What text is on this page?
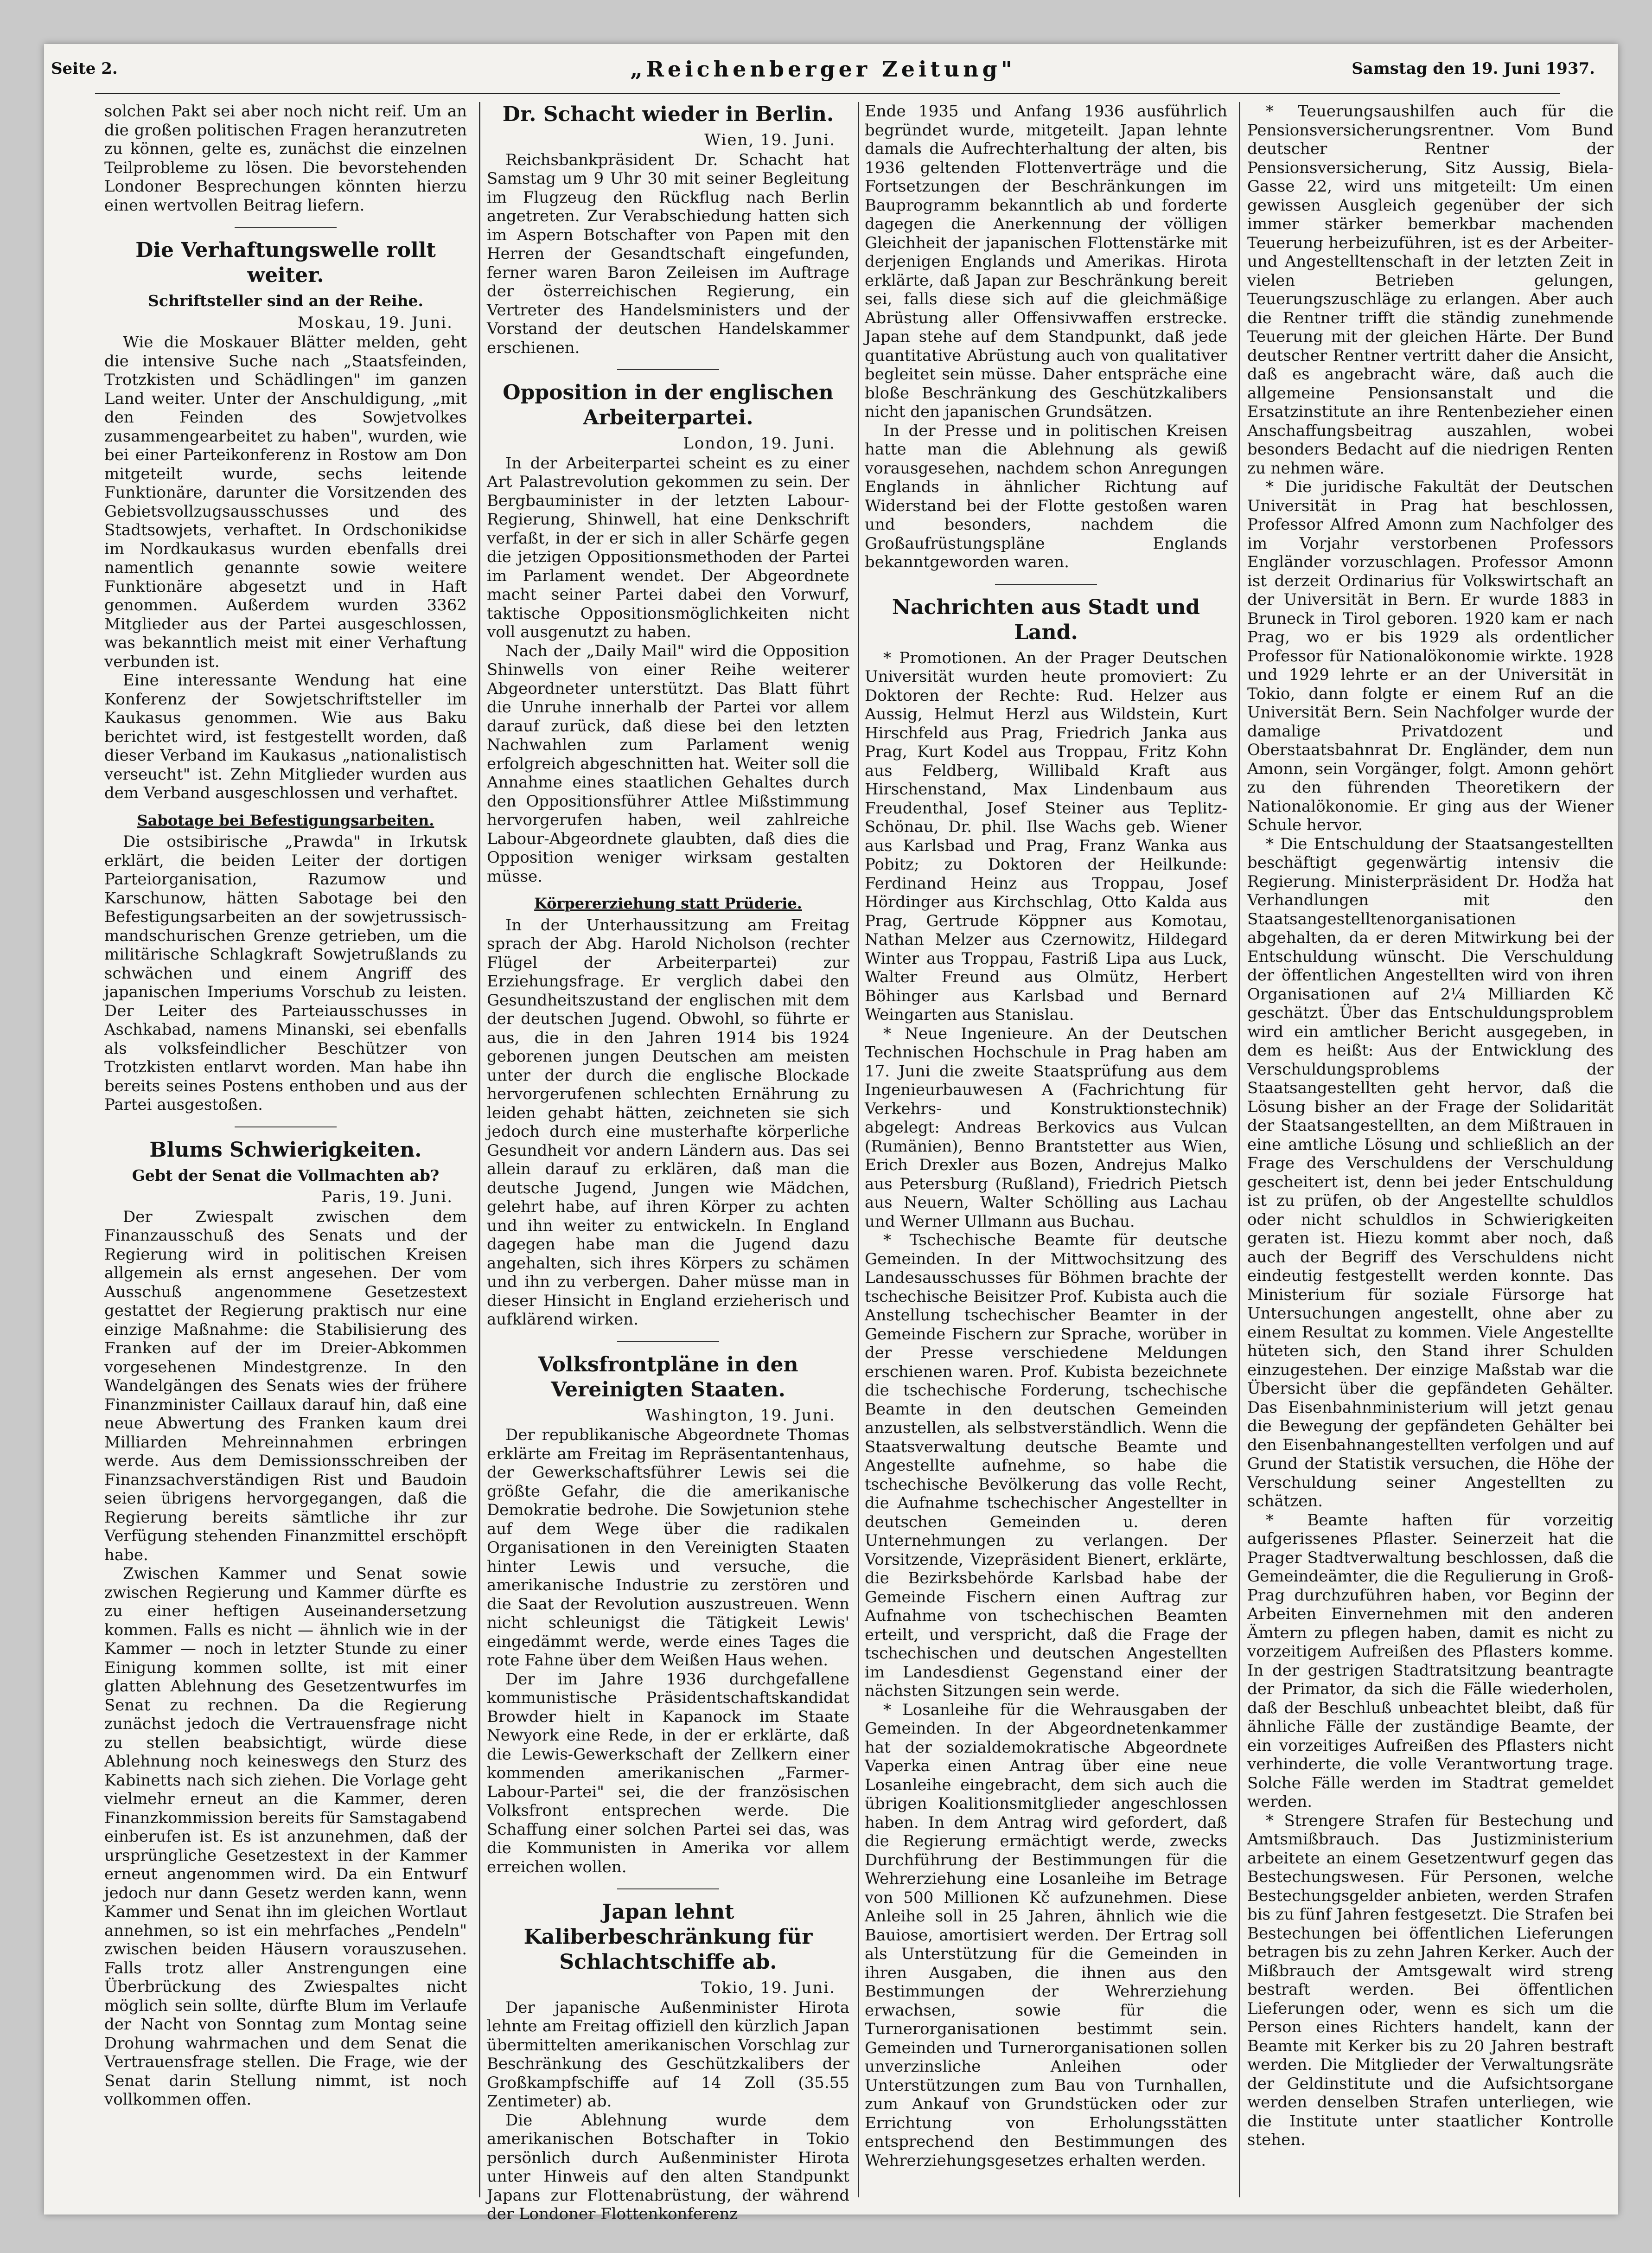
Seite 2.	„Reichenberger Zeitung"	Samstag den 19. Juni 1937.

solchen Pakt sei aber noch nicht reif. Um an die großen politischen Fragen heranzutreten zu können, gelte es, zunächst die einzelnen Teilprobleme zu lösen. Die bevorstehenden Londoner Besprechungen könnten hierzu einen wertvollen Beitrag liefern.

Die Verhaftungswelle rollt weiter.
Schriftsteller sind an der Reihe.
Moskau, 19. Juni.

Wie die Moskauer Blätter melden, geht die intensive Suche nach „Staatsfeinden, Trotzkisten und Schädlingen" im ganzen Land weiter. Unter der Anschuldigung, „mit den Feinden des Sowjetvolkes zusammengearbeitet zu haben", wurden, wie bei einer Parteikonferenz in Rostow am Don mitgeteilt wurde, sechs leitende Funktionäre, darunter die Vorsitzenden des Gebietsvollzugsausschusses und des Stadtsowjets, verhaftet. In Ordschonikidse im Nordkaukasus wurden ebenfalls drei namentlich genannte sowie weitere Funktionäre abgesetzt und in Haft genommen. Außerdem wurden 3362 Mitglieder aus der Partei ausgeschlossen, was bekanntlich meist mit einer Verhaftung verbunden ist.

Eine interessante Wendung hat eine Konferenz der Sowjetschriftsteller im Kaukasus genommen. Wie aus Baku berichtet wird, ist festgestellt worden, daß dieser Verband im Kaukasus „nationalistisch verseucht" ist. Zehn Mitglieder wurden aus dem Verband ausgeschlossen und verhaftet.

Sabotage bei Befestigungsarbeiten.

Die ostsibirische „Prawda" in Irkutsk erklärt, die beiden Leiter der dortigen Parteiorganisation, Razumow und Karschunow, hätten Sabotage bei den Befestigungsarbeiten an der sowjetrussisch-mandschurischen Grenze getrieben, um die militärische Schlagkraft Sowjetrußlands zu schwächen und einem Angriff des japanischen Imperiums Vorschub zu leisten. Der Leiter des Parteiausschusses in Aschkabad, namens Minanski, sei ebenfalls als volksfeindlicher Beschützer von Trotzkisten entlarvt worden. Man habe ihn bereits seines Postens enthoben und aus der Partei ausgestoßen.

Blums Schwierigkeiten.
Gebt der Senat die Vollmachten ab?
Paris, 19. Juni.

Der Zwiespalt zwischen dem Finanzausschuß des Senats und der Regierung wird in politischen Kreisen allgemein als ernst angesehen. Der vom Ausschuß angenommene Gesetzestext gestattet der Regierung praktisch nur eine einzige Maßnahme: die Stabilisierung des Franken auf der im Dreier-Abkommen vorgesehenen Mindestgrenze. In den Wandelgängen des Senats wies der frühere Finanzminister Caillaux darauf hin, daß eine neue Abwertung des Franken kaum drei Milliarden Mehreinnahmen erbringen werde. Aus dem Demissionsschreiben der Finanzsachverständigen Rist und Baudoin seien übrigens hervorgegangen, daß die Regierung bereits sämtliche ihr zur Verfügung stehenden Finanzmittel erschöpft habe.

Zwischen Kammer und Senat sowie zwischen Regierung und Kammer dürfte es zu einer heftigen Auseinandersetzung kommen. Falls es nicht — ähnlich wie in der Kammer — noch in letzter Stunde zu einer Einigung kommen sollte, ist mit einer glatten Ablehnung des Gesetzentwurfes im Senat zu rechnen. Da die Regierung zunächst jedoch die Vertrauensfrage nicht zu stellen beabsichtigt, würde diese Ablehnung noch keineswegs den Sturz des Kabinetts nach sich ziehen. Die Vorlage geht vielmehr erneut an die Kammer, deren Finanzkommission bereits für Samstagabend einberufen ist. Es ist anzunehmen, daß der ursprüngliche Gesetzestext in der Kammer erneut angenommen wird. Da ein Entwurf jedoch nur dann Gesetz werden kann, wenn Kammer und Senat ihn im gleichen Wortlaut annehmen, so ist ein mehrfaches „Pendeln" zwischen beiden Häusern vorauszusehen. Falls trotz aller Anstrengungen eine Überbrückung des Zwiespaltes nicht möglich sein sollte, dürfte Blum im Verlaufe der Nacht von Sonntag zum Montag seine Drohung wahrmachen und dem Senat die Vertrauensfrage stellen. Die Frage, wie der Senat darin Stellung nimmt, ist noch vollkommen offen.

Dr. Schacht wieder in Berlin.
Wien, 19. Juni.

Reichsbankpräsident Dr. Schacht hat Samstag um 9 Uhr 30 mit seiner Begleitung im Flugzeug den Rückflug nach Berlin angetreten. Zur Verabschiedung hatten sich im Aspern Botschafter von Papen mit den Herren der Gesandtschaft eingefunden, ferner waren Baron Zeileisen im Auftrage der österreichischen Regierung, ein Vertreter des Handelsministers und der Vorstand der deutschen Handelskammer erschienen.

Opposition in der englischen Arbeiterpartei.
London, 19. Juni.

In der Arbeiterpartei scheint es zu einer Art Palastrevolution gekommen zu sein. Der Bergbauminister in der letzten Labour-Regierung, Shinwell, hat eine Denkschrift verfaßt, in der er sich in aller Schärfe gegen die jetzigen Oppositionsmethoden der Partei im Parlament wendet. Der Abgeordnete macht seiner Partei dabei den Vorwurf, taktische Oppositionsmöglichkeiten nicht voll ausgenutzt zu haben.

Nach der „Daily Mail" wird die Opposition Shinwells von einer Reihe weiterer Abgeordneter unterstützt. Das Blatt führt die Unruhe innerhalb der Partei vor allem darauf zurück, daß diese bei den letzten Nachwahlen zum Parlament wenig erfolgreich abgeschnitten hat. Weiter soll die Annahme eines staatlichen Gehaltes durch den Oppositionsführer Attlee Mißstimmung hervorgerufen haben, weil zahlreiche Labour-Abgeordnete glaubten, daß dies die Opposition weniger wirksam gestalten müsse.

Körpererziehung statt Prüderie.

In der Unterhaussitzung am Freitag sprach der Abg. Harold Nicholson (rechter Flügel der Arbeiterpartei) zur Erziehungsfrage. Er verglich dabei den Gesundheitszustand der englischen mit dem der deutschen Jugend. Obwohl, so führte er aus, die in den Jahren 1914 bis 1924 geborenen jungen Deutschen am meisten unter der durch die englische Blockade hervorgerufenen schlechten Ernährung zu leiden gehabt hätten, zeichneten sie sich jedoch durch eine musterhafte körperliche Gesundheit vor andern Ländern aus. Das sei allein darauf zu erklären, daß man die deutsche Jugend, Jungen wie Mädchen, gelehrt habe, auf ihren Körper zu achten und ihn weiter zu entwickeln. In England dagegen habe man die Jugend dazu angehalten, sich ihres Körpers zu schämen und ihn zu verbergen. Daher müsse man in dieser Hinsicht in England erzieherisch und aufklärend wirken.

Volksfrontpläne in den Vereinigten Staaten.
Washington, 19. Juni.

Der republikanische Abgeordnete Thomas erklärte am Freitag im Repräsentantenhaus, der Gewerkschaftsführer Lewis sei die größte Gefahr, die die amerikanische Demokratie bedrohe. Die Sowjetunion stehe auf dem Wege über die radikalen Organisationen in den Vereinigten Staaten hinter Lewis und versuche, die amerikanische Industrie zu zerstören und die Saat der Revolution auszustreuen. Wenn nicht schleunigst die Tätigkeit Lewis' eingedämmt werde, werde eines Tages die rote Fahne über dem Weißen Haus wehen.

Der im Jahre 1936 durchgefallene kommunistische Präsidentschaftskandidat Browder hielt in Kapanock im Staate Newyork eine Rede, in der er erklärte, daß die Lewis-Gewerkschaft der Zellkern einer kommenden amerikanischen „Farmer-Labour-Partei" sei, die der französischen Volksfront entsprechen werde. Die Schaffung einer solchen Partei sei das, was die Kommunisten in Amerika vor allem erreichen wollen.

Japan lehnt Kaliberbeschränkung für Schlachtschiffe ab.
Tokio, 19. Juni.

Der japanische Außenminister Hirota lehnte am Freitag offiziell den kürzlich Japan übermittelten amerikanischen Vorschlag zur Beschränkung des Geschützkalibers der Großkampfschiffe auf 14 Zoll (35.55 Zentimeter) ab.

Die Ablehnung wurde dem amerikanischen Botschafter in Tokio persönlich durch Außenminister Hirota unter Hinweis auf den alten Standpunkt Japans zur Flottenabrüstung, der während der Londoner Flottenkonferenz

Ende 1935 und Anfang 1936 ausführlich begründet wurde, mitgeteilt. Japan lehnte damals die Aufrechterhaltung der alten, bis 1936 geltenden Flottenverträge und die Fortsetzungen der Beschränkungen im Bauprogramm bekanntlich ab und forderte dagegen die Anerkennung der völligen Gleichheit der japanischen Flottenstärke mit derjenigen Englands und Amerikas. Hirota erklärte, daß Japan zur Beschränkung bereit sei, falls diese sich auf die gleichmäßige Abrüstung aller Offensivwaffen erstrecke. Japan stehe auf dem Standpunkt, daß jede quantitative Abrüstung auch von qualitativer begleitet sein müsse. Daher entspräche eine bloße Beschränkung des Geschützkalibers nicht den japanischen Grundsätzen.

In der Presse und in politischen Kreisen hatte man die Ablehnung als gewiß vorausgesehen, nachdem schon Anregungen Englands in ähnlicher Richtung auf Widerstand bei der Flotte gestoßen waren und besonders, nachdem die Großaufrüstungspläne Englands bekanntgeworden waren.

Nachrichten aus Stadt und Land.

* Promotionen. An der Prager Deutschen Universität wurden heute promoviert: Zu Doktoren der Rechte: Rud. Helzer aus Aussig, Helmut Herzl aus Wildstein, Kurt Hirschfeld aus Prag, Friedrich Janka aus Prag, Kurt Kodel aus Troppau, Fritz Kohn aus Feldberg, Willibald Kraft aus Hirschenstand, Max Lindenbaum aus Freudenthal, Josef Steiner aus Teplitz-Schönau, Dr. phil. Ilse Wachs geb. Wiener aus Karlsbad und Prag, Franz Wanka aus Pobitz; zu Doktoren der Heilkunde: Ferdinand Heinz aus Troppau, Josef Hördinger aus Kirchschlag, Otto Kalda aus Prag, Gertrude Köppner aus Komotau, Nathan Melzer aus Czernowitz, Hildegard Winter aus Troppau, Fastriß Lipa aus Luck, Walter Freund aus Olmütz, Herbert Böhinger aus Karlsbad und Bernard Weingarten aus Stanislau.

* Neue Ingenieure. An der Deutschen Technischen Hochschule in Prag haben am 17. Juni die zweite Staatsprüfung aus dem Ingenieurbauwesen A (Fachrichtung für Verkehrs- und Konstruktionstechnik) abgelegt: Andreas Berkovics aus Vulcan (Rumänien), Benno Brantstetter aus Wien, Erich Drexler aus Bozen, Andrejus Malko aus Petersburg (Rußland), Friedrich Pietsch aus Neuern, Walter Schölling aus Lachau und Werner Ullmann aus Buchau.

* Tschechische Beamte für deutsche Gemeinden. In der Mittwochsitzung des Landesausschusses für Böhmen brachte der tschechische Beisitzer Prof. Kubista auch die Anstellung tschechischer Beamter in der Gemeinde Fischern zur Sprache, worüber in der Presse verschiedene Meldungen erschienen waren. Prof. Kubista bezeichnete die tschechische Forderung, tschechische Beamte in den deutschen Gemeinden anzustellen, als selbstverständlich. Wenn die Staatsverwaltung deutsche Beamte und Angestellte aufnehme, so habe die tschechische Bevölkerung das volle Recht, die Aufnahme tschechischer Angestellter in deutschen Gemeinden u. deren Unternehmungen zu verlangen. Der Vorsitzende, Vizepräsident Bienert, erklärte, die Bezirksbehörde Karlsbad habe der Gemeinde Fischern einen Auftrag zur Aufnahme von tschechischen Beamten erteilt, und verspricht, daß die Frage der tschechischen und deutschen Angestellten im Landesdienst Gegenstand einer der nächsten Sitzungen sein werde.

* Losanleihe für die Wehrausgaben der Gemeinden. In der Abgeordnetenkammer hat der sozialdemokratische Abgeordnete Vaperka einen Antrag über eine neue Losanleihe eingebracht, dem sich auch die übrigen Koalitionsmitglieder angeschlossen haben. In dem Antrag wird gefordert, daß die Regierung ermächtigt werde, zwecks Durchführung der Bestimmungen für die Wehrerziehung eine Losanleihe im Betrage von 500 Millionen Kč aufzunehmen. Diese Anleihe soll in 25 Jahren, ähnlich wie die Bauiose, amortisiert werden. Der Ertrag soll als Unterstützung für die Gemeinden in ihren Ausgaben, die ihnen aus den Bestimmungen der Wehrerziehung erwachsen, sowie für die Turnerorganisationen bestimmt sein. Gemeinden und Turnerorganisationen sollen unverzinsliche Anleihen oder Unterstützungen zum Bau von Turnhallen, zum Ankauf von Grundstücken oder zur Errichtung von Erholungsstätten entsprechend den Bestimmungen des Wehrerziehungsgesetzes erhalten werden.

* Teuerungsaushilfen auch für die Pensionsversicherungsrentner. Vom Bund deutscher Rentner der Pensionsversicherung, Sitz Aussig, Biela-Gasse 22, wird uns mitgeteilt: Um einen gewissen Ausgleich gegenüber der sich immer stärker bemerkbar machenden Teuerung herbeizuführen, ist es der Arbeiter- und Angestelltenschaft in der letzten Zeit in vielen Betrieben gelungen, Teuerungszuschläge zu erlangen. Aber auch die Rentner trifft die ständig zunehmende Teuerung mit der gleichen Härte. Der Bund deutscher Rentner vertritt daher die Ansicht, daß es angebracht wäre, daß auch die allgemeine Pensionsanstalt und die Ersatzinstitute an ihre Rentenbezieher einen Anschaffungsbeitrag auszahlen, wobei besonders Bedacht auf die niedrigen Renten zu nehmen wäre.

* Die juridische Fakultät der Deutschen Universität in Prag hat beschlossen, Professor Alfred Amonn zum Nachfolger des im Vorjahr verstorbenen Professors Engländer vorzuschlagen. Professor Amonn ist derzeit Ordinarius für Volkswirtschaft an der Universität in Bern. Er wurde 1883 in Bruneck in Tirol geboren. 1920 kam er nach Prag, wo er bis 1929 als ordentlicher Professor für Nationalökonomie wirkte. 1928 und 1929 lehrte er an der Universität in Tokio, dann folgte er einem Ruf an die Universität Bern. Sein Nachfolger wurde der damalige Privatdozent und Oberstaatsbahnrat Dr. Engländer, dem nun Amonn, sein Vorgänger, folgt. Amonn gehört zu den führenden Theoretikern der Nationalökonomie. Er ging aus der Wiener Schule hervor.

* Die Entschuldung der Staatsangestellten beschäftigt gegenwärtig intensiv die Regierung. Ministerpräsident Dr. Hodža hat Verhandlungen mit den Staatsangestelltenorganisationen abgehalten, da er deren Mitwirkung bei der Entschuldung wünscht. Die Verschuldung der öffentlichen Angestellten wird von ihren Organisationen auf 2¼ Milliarden Kč geschätzt. Über das Entschuldungsproblem wird ein amtlicher Bericht ausgegeben, in dem es heißt: Aus der Entwicklung des Verschuldungsproblems der Staatsangestellten geht hervor, daß die Lösung bisher an der Frage der Solidarität der Staatsangestellten, an dem Mißtrauen in eine amtliche Lösung und schließlich an der Frage des Verschuldens der Verschuldung gescheitert ist, denn bei jeder Entschuldung ist zu prüfen, ob der Angestellte schuldlos oder nicht schuldlos in Schwierigkeiten geraten ist. Hiezu kommt aber noch, daß auch der Begriff des Verschuldens nicht eindeutig festgestellt werden konnte. Das Ministerium für soziale Fürsorge hat Untersuchungen angestellt, ohne aber zu einem Resultat zu kommen. Viele Angestellte hüteten sich, den Stand ihrer Schulden einzugestehen. Der einzige Maßstab war die Übersicht über die gepfändeten Gehälter. Das Eisenbahnministerium will jetzt genau die Bewegung der gepfändeten Gehälter bei den Eisenbahnangestellten verfolgen und auf Grund der Statistik versuchen, die Höhe der Verschuldung seiner Angestellten zu schätzen.

* Beamte haften für vorzeitig aufgerissenes Pflaster. Seinerzeit hat die Prager Stadtverwaltung beschlossen, daß die Gemeindeämter, die die Regulierung in Groß-Prag durchzuführen haben, vor Beginn der Arbeiten Einvernehmen mit den anderen Ämtern zu pflegen haben, damit es nicht zu vorzeitigem Aufreißen des Pflasters komme. In der gestrigen Stadtratsitzung beantragte der Primator, da sich die Fälle wiederholen, daß der Beschluß unbeachtet bleibt, daß für ähnliche Fälle der zuständige Beamte, der ein vorzeitiges Aufreißen des Pflasters nicht verhinderte, die volle Verantwortung trage. Solche Fälle werden im Stadtrat gemeldet werden.

* Strengere Strafen für Bestechung und Amtsmißbrauch. Das Justizministerium arbeitete an einem Gesetzentwurf gegen das Bestechungswesen. Für Personen, welche Bestechungsgelder anbieten, werden Strafen bis zu fünf Jahren festgesetzt. Die Strafen bei Bestechungen bei öffentlichen Lieferungen betragen bis zu zehn Jahren Kerker. Auch der Mißbrauch der Amtsgewalt wird streng bestraft werden. Bei öffentlichen Lieferungen oder, wenn es sich um die Person eines Richters handelt, kann der Beamte mit Kerker bis zu 20 Jahren bestraft werden. Die Mitglieder der Verwaltungsräte der Geldinstitute und die Aufsichtsorgane werden denselben Strafen unterliegen, wie die Institute unter staatlicher Kontrolle stehen.
